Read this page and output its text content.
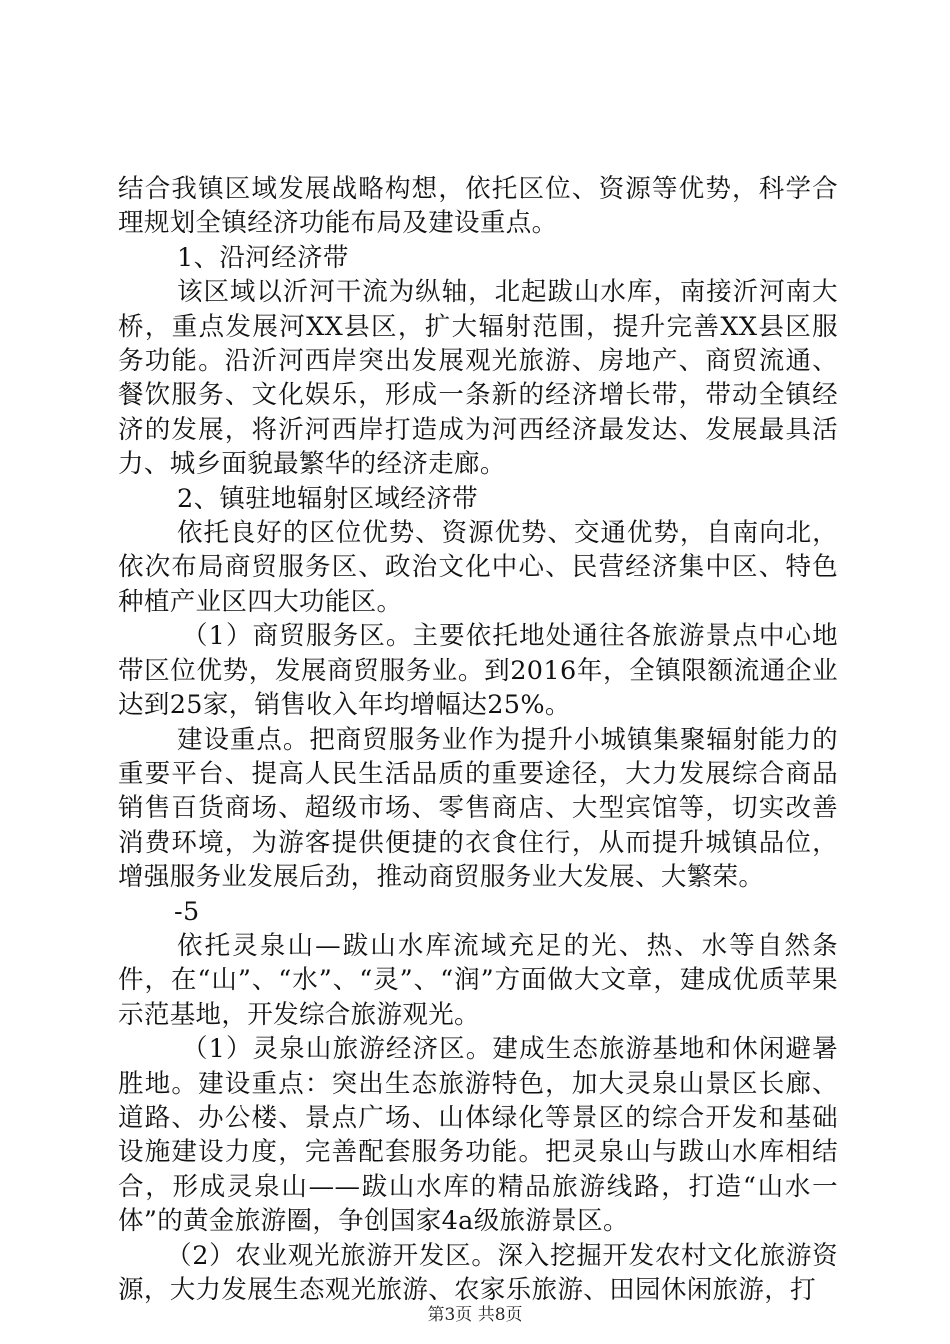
结合我镇区域发展战略构想，依托区位、资源等优势，科学合理规划全镇经济功能布局及建设重点。

1、沿河经济带

该区域以沂河干流为纵轴，北起跋山水库，南接沂河南大桥，重点发展河XX县区，扩大辐射范围，提升完善XX县区服务功能。沿沂河西岸突出发展观光旅游、房地产、商贸流通、餐饮服务、文化娱乐，形成一条新的经济增长带，带动全镇经济的发展，将沂河西岸打造成为河西经济最发达、发展最具活力、城乡面貌最繁华的经济走廊。

2、镇驻地辐射区域经济带

依托良好的区位优势、资源优势、交通优势，自南向北，依次布局商贸服务区、政治文化中心、民营经济集中区、特色种植产业区四大功能区。

（1）商贸服务区。主要依托地处通往各旅游景点中心地带区位优势，发展商贸服务业。到2016年，全镇限额流通企业达到25家，销售收入年均增幅达25%。

建设重点。把商贸服务业作为提升小城镇集聚辐射能力的重要平台、提高人民生活品质的重要途径，大力发展综合商品销售百货商场、超级市场、零售商店、大型宾馆等，切实改善消费环境，为游客提供便捷的衣食住行，从而提升城镇品位，增强服务业发展后劲，推动商贸服务业大发展、大繁荣。

-5

依托灵泉山—跋山水库流域充足的光、热、水等自然条件，在“山”、“水”、“灵”、“润”方面做大文章，建成优质苹果示范基地，开发综合旅游观光。

（1）灵泉山旅游经济区。建成生态旅游基地和休闲避暑胜地。建设重点：突出生态旅游特色，加大灵泉山景区长廊、道路、办公楼、景点广场、山体绿化等景区的综合开发和基础设施建设力度，完善配套服务功能。把灵泉山与跋山水库相结合，形成灵泉山——跋山水库的精品旅游线路，打造“山水一体”的黄金旅游圈，争创国家4a级旅游景区。

（2）农业观光旅游开发区。深入挖掘开发农村文化旅游资源，大力发展生态观光旅游、农家乐旅游、田园休闲旅游，打

第3页 共8页
